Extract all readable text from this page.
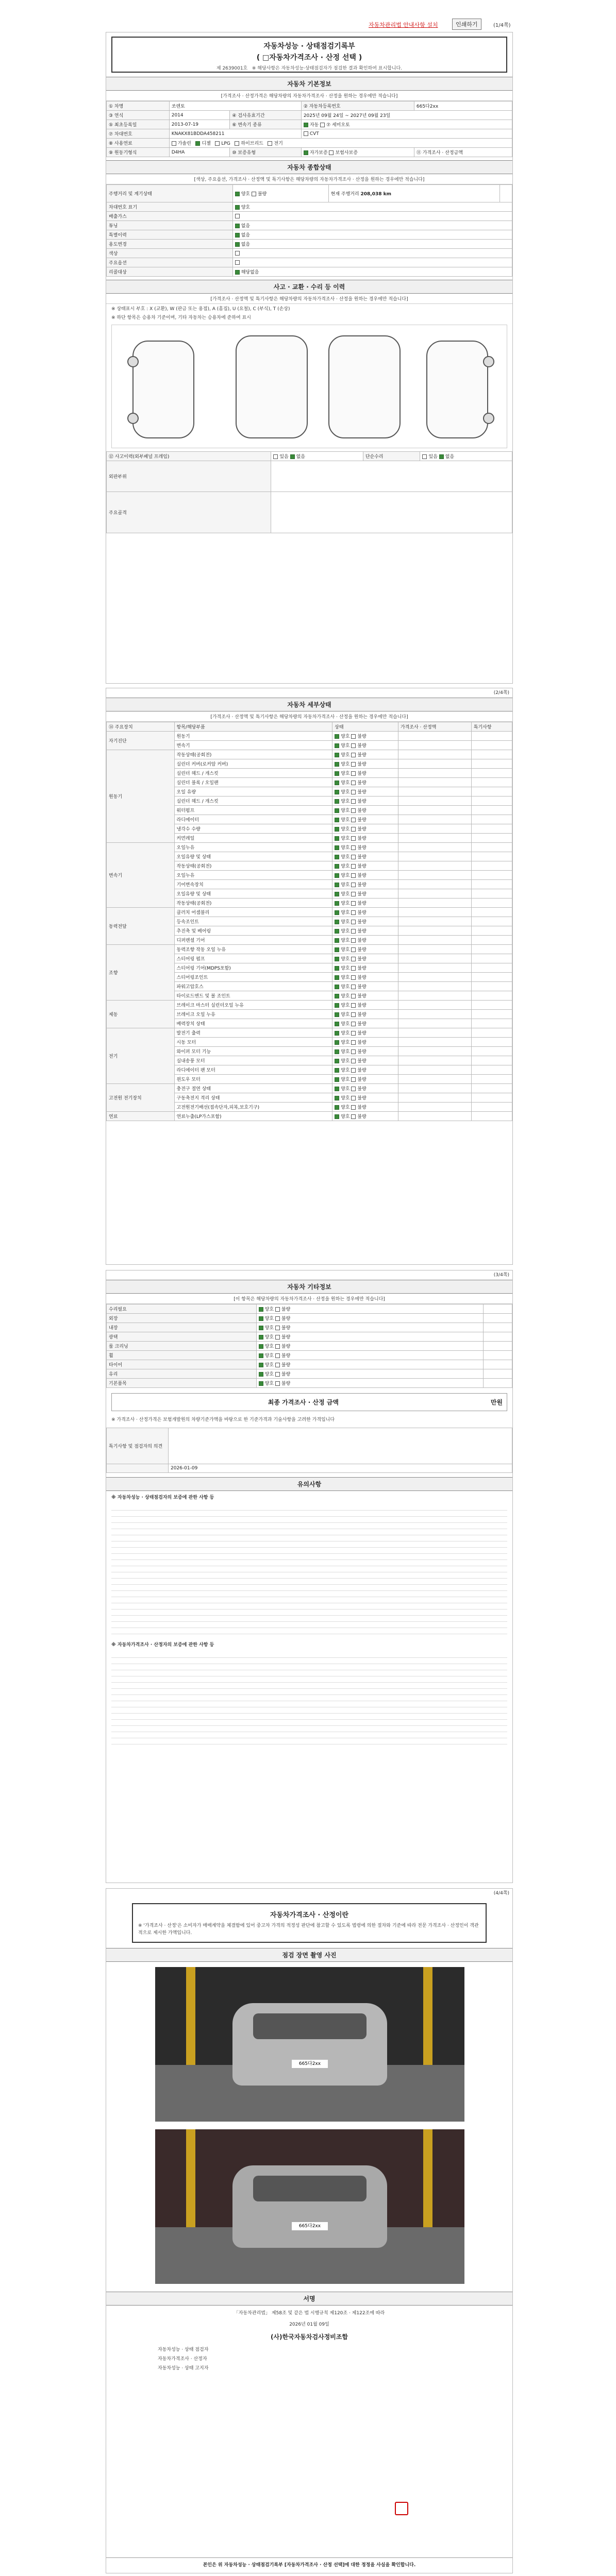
자동차관리법 안내사항 설치	인쇄하기	(1/4쪽)
자동차성능 · 상태점검기록부
( □자동차가격조사 · 산정 선택 )
제 2639001호 ※ 해당사항은 자동차성능·상태점검자가 점검한 결과 확인하여 표시합니다.
자동차 기본정보
[가격조사 · 산정가격은 해당차량의 자동차가격조사 · 산정을 원하는 경우에만 적습니다]
① 차명	쏘렌토		② 자동차등록번호	665다2xx
③ 연식	2014	④ 검사유효기간	2025년 09월 24일 ~ 2027년 09월 23일	
⑤ 최초등록일	2013-07-19	⑥ 변속기 종류	자동 ⑦ 세미오토	
⑦ 차대번호	KNAKX81BDDA458211		CVT	
⑧ 사용연료	가솔린 디젤 LPG 하이브리드 전기			
⑨ 원동기형식	D4HA	⑩ 보증유형	자가보증 보험사보증	⑪ 가격조사 · 산정금액
자동차 종합상태
[색상, 주요옵션, 가격조사 · 산정액 및 특기사항은 해당차량의 자동차가격조사 · 산정을 원하는 경우에만 적습니다]
주행거리 및 계기상태	양호 불량	현재 주행거리 208,038 km	
차대번호 표기	양호		
배출가스			
튜닝	없음		
특별이력	없음		
용도변경	없음		
색상			
주요옵션			
리콜대상	해당없음		
사고 · 교환 · 수리 등 이력
[가격조사 · 산정액 및 특기사항은 해당차량의 자동차가격조사 · 산정을 원하는 경우에만 적습니다]
※ 상태표시 부호 : X (교환), W (판금 또는 용접), A (흠집), U (요철), C (부식), T (손상)
※ 하단 항목은 승용차 기준이며, 기타 자동차는 승용차에 준하여 표시
⑫ 사고이력(외부패널 프레임)	있음 없음	단순수리	있음 없음
외판부위			
주요골격			
(2/4쪽)
자동차 세부상태
[가격조사 · 산정액 및 특기사항은 해당차량의 자동차가격조사 · 산정을 원하는 경우에만 적습니다]
⑭ 주요장치	항목/해당부품	상태	가격조사 · 산정액	특기사항
자기진단	원동기	양호 불량		
	변속기	양호 불량		
원동기	작동상태(공회전)	양호 불량		
	실린더 커버(로커암 커버)	양호 불량		
	실린더 헤드 / 개스킷	양호 불량		
	실린더 블록 / 오일팬	양호 불량		
	오일 유량	양호 불량		
	실린더 헤드 / 개스킷	양호 불량		
	워터펌프	양호 불량		
	라디에이터	양호 불량		
	냉각수 수량	양호 불량		
	커먼레일	양호 불량		
변속기	오일누유	양호 불량		
	오일유량 및 상태	양호 불량		
	작동상태(공회전)	양호 불량		
	오일누유	양호 불량		
	기어변속장치	양호 불량		
	오일유량 및 상태	양호 불량		
	작동상태(공회전)	양호 불량		
동력전달	클러치 어셈블리	양호 불량		
	등속조인트	양호 불량		
	추진축 및 베어링	양호 불량		
	디퍼렌셜 기어	양호 불량		
조향	동력조향 작동 오일 누유	양호 불량		
	스티어링 펌프	양호 불량		
	스티어링 기어(MDPS포함)	양호 불량		
	스티어링조인트	양호 불량		
	파워고압호스	양호 불량		
	타이로드엔드 및 볼 조인트	양호 불량		
제동	브레이크 마스터 실린더오일 누유	양호 불량		
	브레이크 오일 누유	양호 불량		
	배력장치 상태	양호 불량		
전기	발전기 출력	양호 불량		
	시동 모터	양호 불량		
	와이퍼 모터 기능	양호 불량		
	실내송풍 모터	양호 불량		
	라디에이터 팬 모터	양호 불량		
	윈도우 모터	양호 불량		
고전원 전기장치	충전구 절연 상태	양호 불량		
	구동축전지 격리 상태	양호 불량		
	고전원전기배선(접속단자,피복,보호기구)	양호 불량		
연료	연료누출(LP가스포함)	양호 불량		
(3/4쪽)
자동차 기타정보
[이 항목은 해당차량의 자동차가격조사 · 산정을 원하는 경우에만 적습니다]
수리필요	양호 불량	
외장	양호 불량	
내장	양호 불량	
광택	양호 불량	
룸 크리닝	양호 불량	
휠	양호 불량	
타이어	양호 불량	
유리	양호 불량	
기본품목	양호 불량	
최종 가격조사 · 산정 금액	만원
※ 가격조사 · 산정가격은 보험개발원의 차량기준가액을 바탕으로 한 기준가격과 기술사항을 고려한 가격입니다
특기사항 및 점검자의 의견	
	2026-01-09
유의사항
※ 자동차성능 · 상태점검자의 보증에 관한 사항 등
※ 자동차가격조사 · 산정자의 보증에 관한 사항 등
(4/4쪽)
자동차가격조사 · 산정이란
※ '가격조사 · 산정'은 소비자가 매매계약을 체결함에 있어 중고차 가격의 적정성 판단에 참고할 수 있도록 법령에 의한 절차와 기준에 따라 전문 가격조사 · 산정인이 객관적으로 제시한 가액입니다.
점검 장면 촬영 사진
665다2xx
665다2xx
서명
「자동차관리법」 제58조 및 같은 법 시행규칙 제120조 · 제122조에 따라
2026년 01월 09일
(사)한국자동차검사정비조합
자동차성능 · 상태 점검자
자동차가격조사 · 산정자
자동차성능 · 상태 고지자
본인은 위 자동차성능 · 상태점검기록부 [자동차가격조사 · 산정 선택]에 대한 정정을 사실을 확인합니다.
